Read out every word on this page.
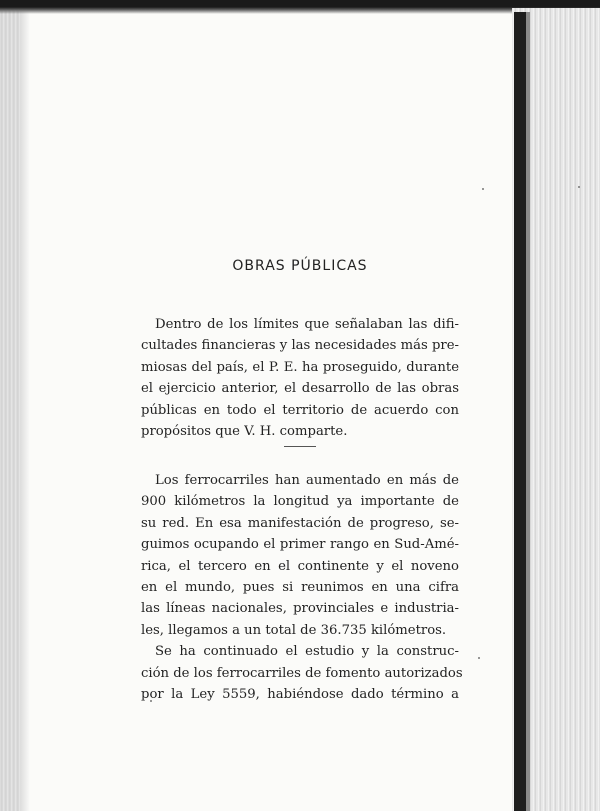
OBRAS PÚBLICAS
Dentro de los límites que señalaban las difi-
cultades financieras y las necesidades más pre-
miosas del país, el P. E. ha proseguido, durante
el ejercicio anterior, el desarrollo de las obras
públicas en todo el territorio de acuerdo con
propósitos que V. H. comparte.
Los ferrocarriles han aumentado en más de
900 kilómetros la longitud ya importante de
su red. En esa manifestación de progreso, se-
guimos ocupando el primer rango en Sud-Amé-
rica, el tercero en el continente y el noveno
en el mundo, pues si reunimos en una cifra
las líneas nacionales, provinciales e industria-
les, llegamos a un total de 36.735 kilómetros.
Se ha continuado el estudio y la construc-
ción de los ferrocarriles de fomento autorizados
por la Ley 5559, habiéndose dado término a
